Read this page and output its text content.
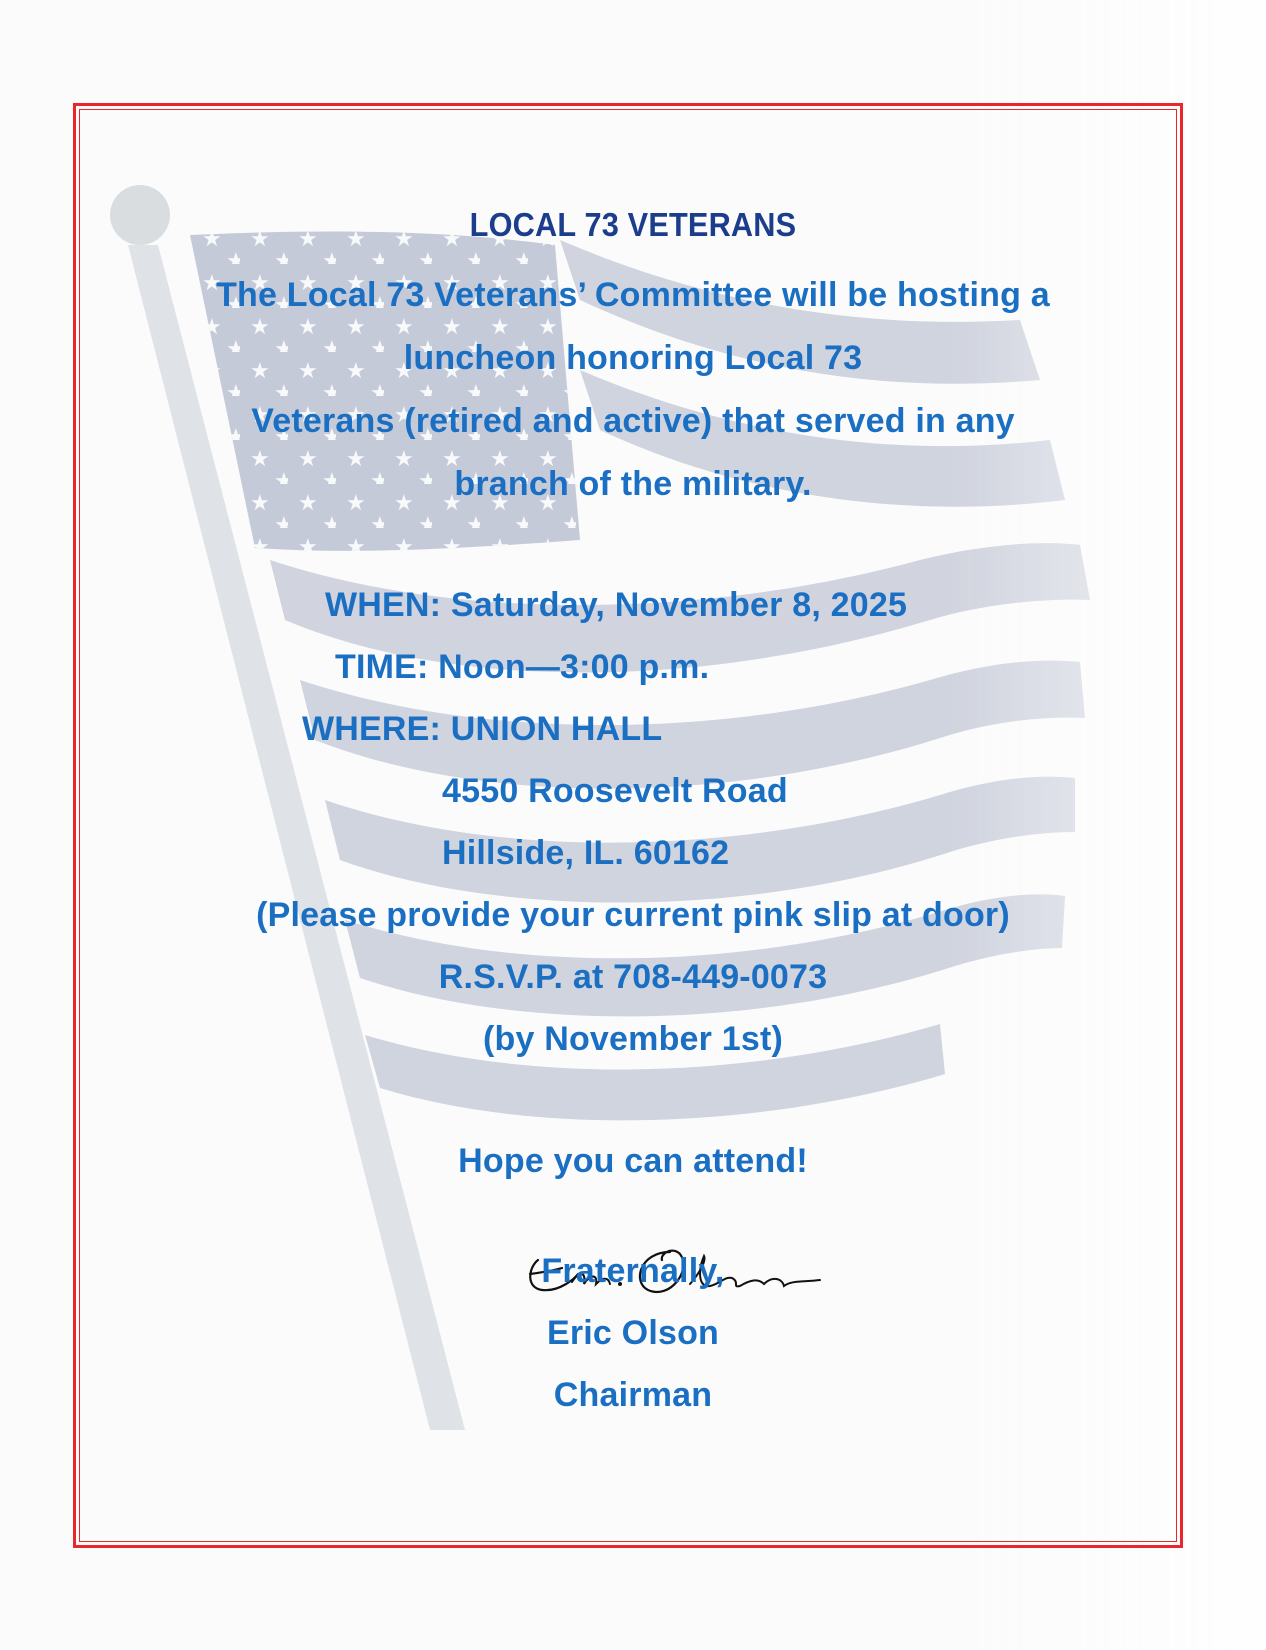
LOCAL 73 VETERANS
The Local 73 Veterans’ Committee will be hosting a
luncheon honoring Local 73
Veterans (retired and active) that served in any
branch of the military.
WHEN: Saturday, November 8, 2025
TIME: Noon—3:00 p.m.
WHERE: UNION HALL
4550 Roosevelt Road
Hillside, IL. 60162
(Please provide your current pink slip at door)
R.S.V.P. at 708-449-0073
(by November 1st)
Hope you can attend!
Fraternally,
Eric Olson
Chairman
